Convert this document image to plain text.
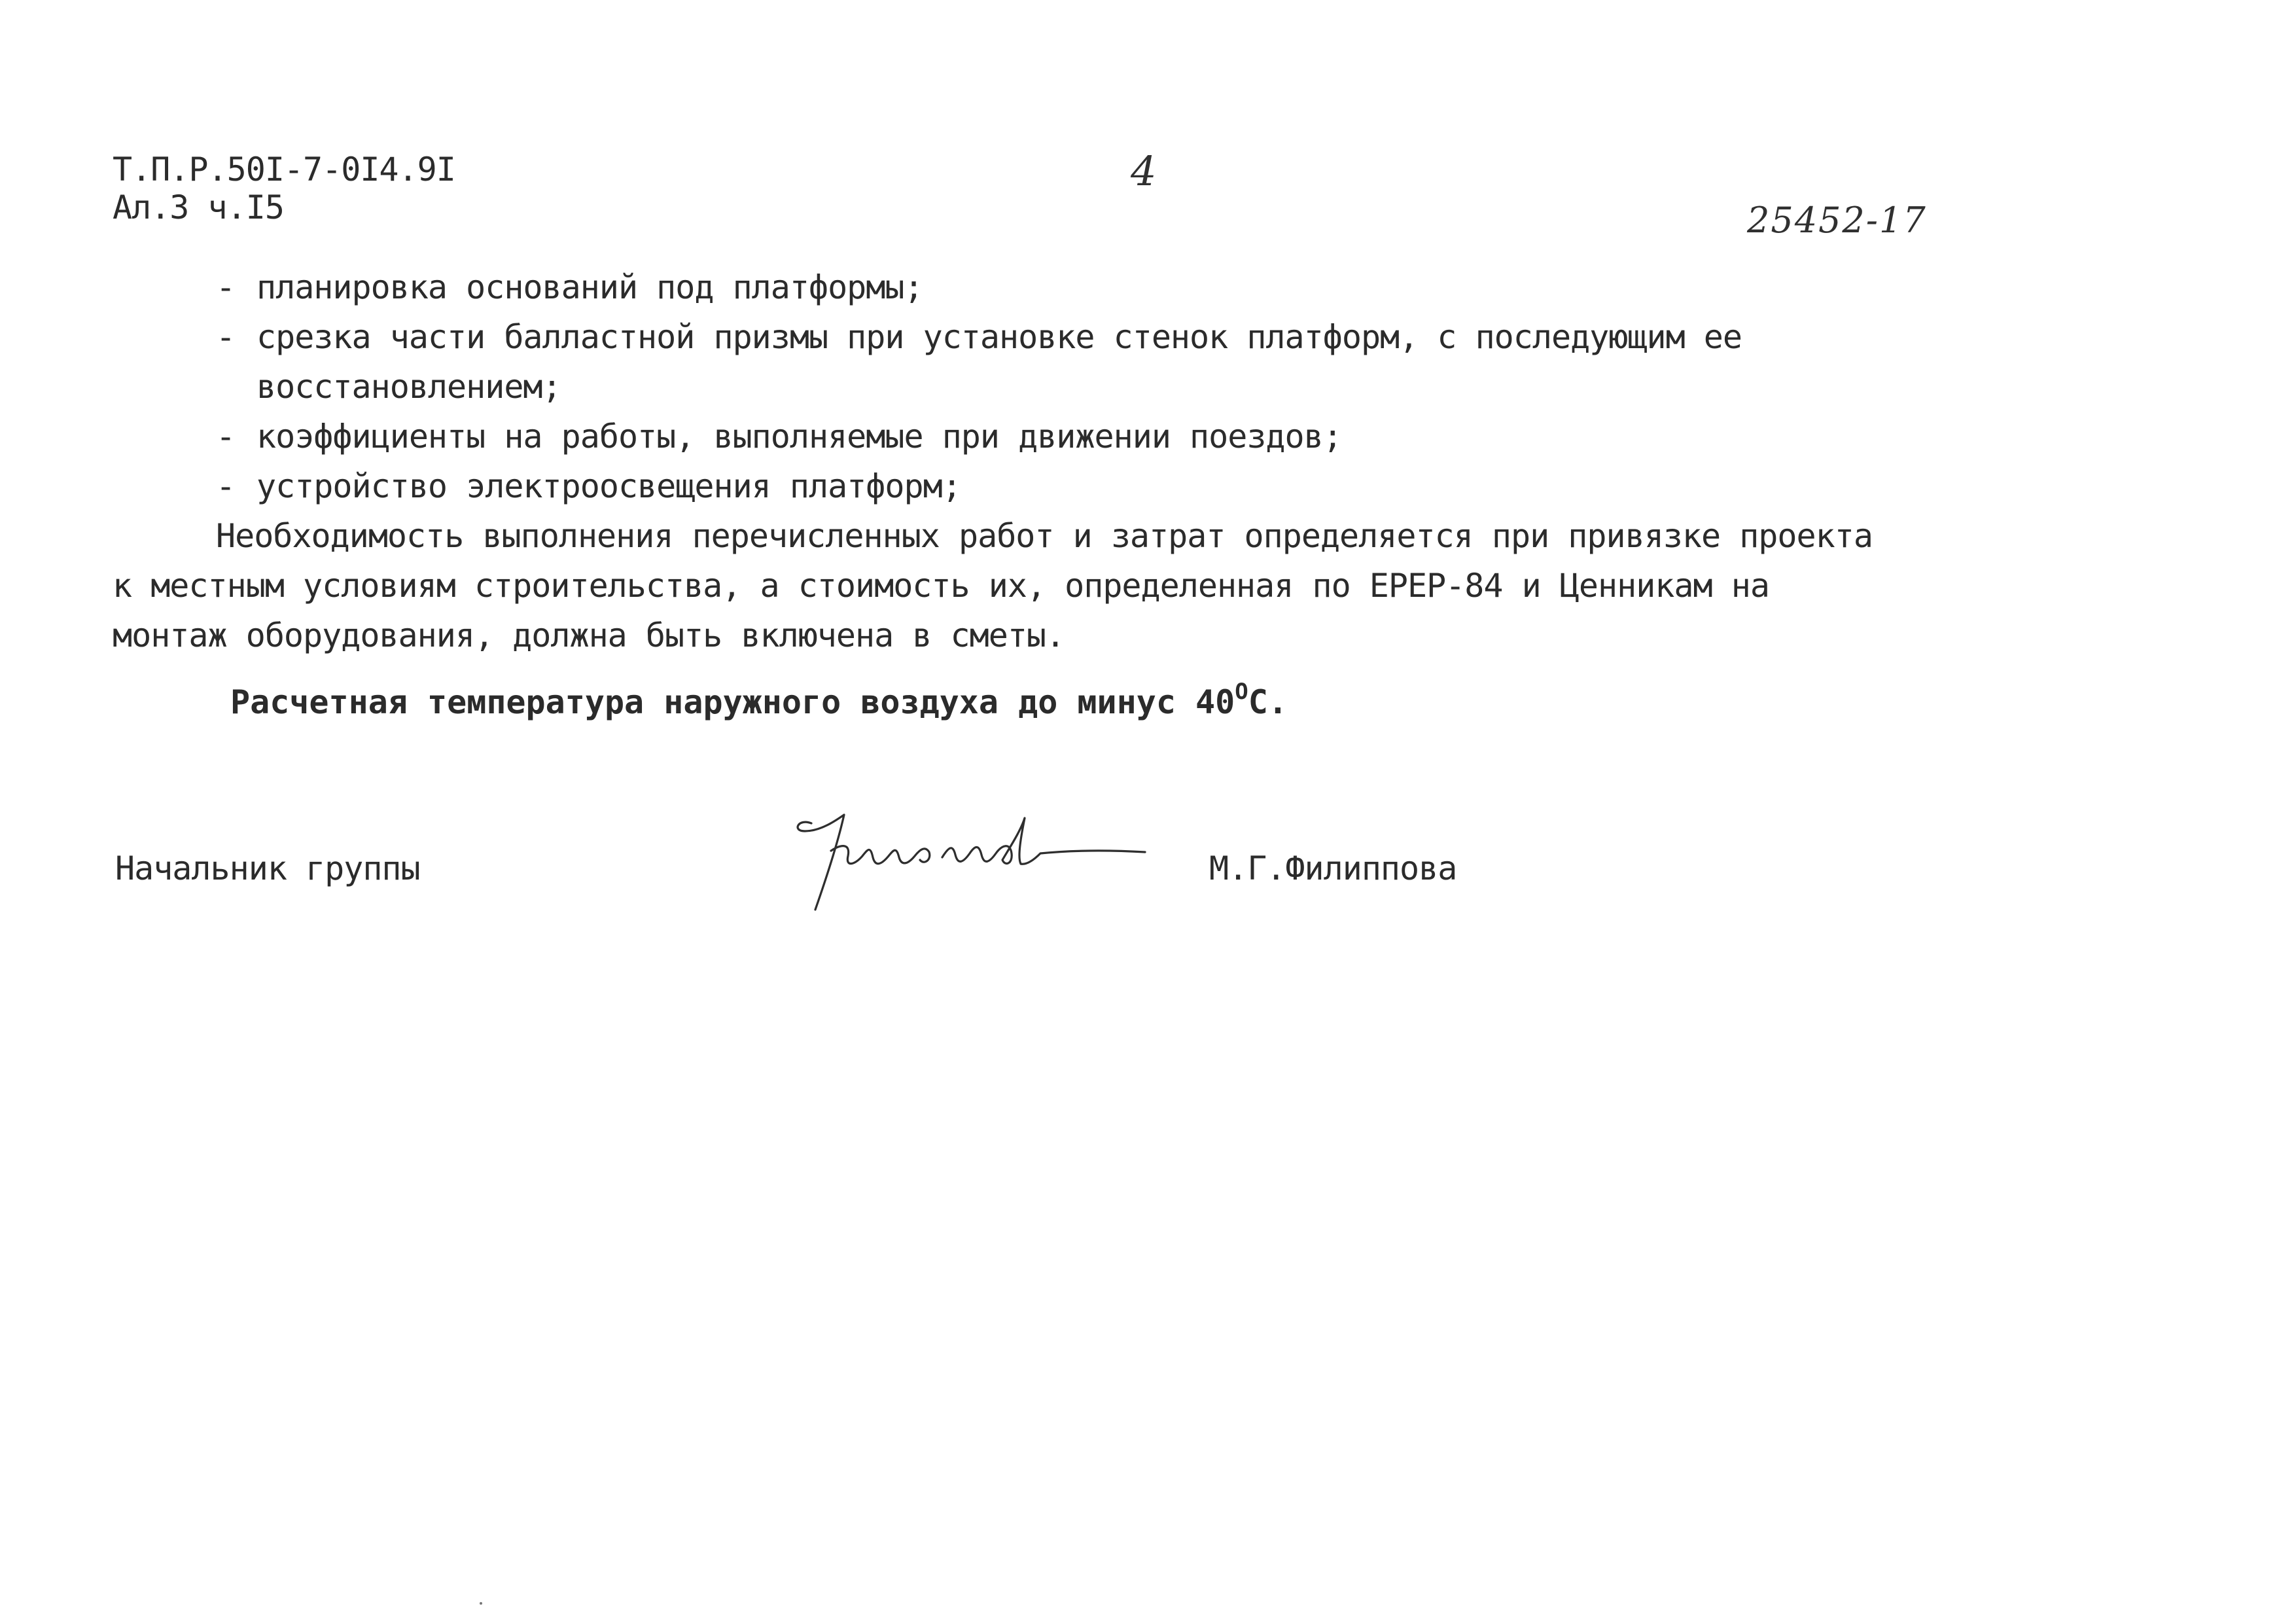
Т.П.Р.50I-7-0I4.9I
Ал.3 ч.I5
4
25452-17
- планировка оснований под платформы;
- срезка части балластной призмы при установке стенок платформ, с последующим ее
восстановлением;
- коэффициенты на работы, выполняемые при движении поездов;
- устройство электроосвещения платформ;
Необходимость выполнения перечисленных работ и затрат определяется при привязке проекта
к местным условиям строительства, а стоимость их, определенная по ЕРЕР-84 и Ценникам на
монтаж оборудования, должна быть включена в сметы.
Расчетная температура наружного воздуха до минус $40^ОС$.
Начальник группы	М.Г.Филиппова
